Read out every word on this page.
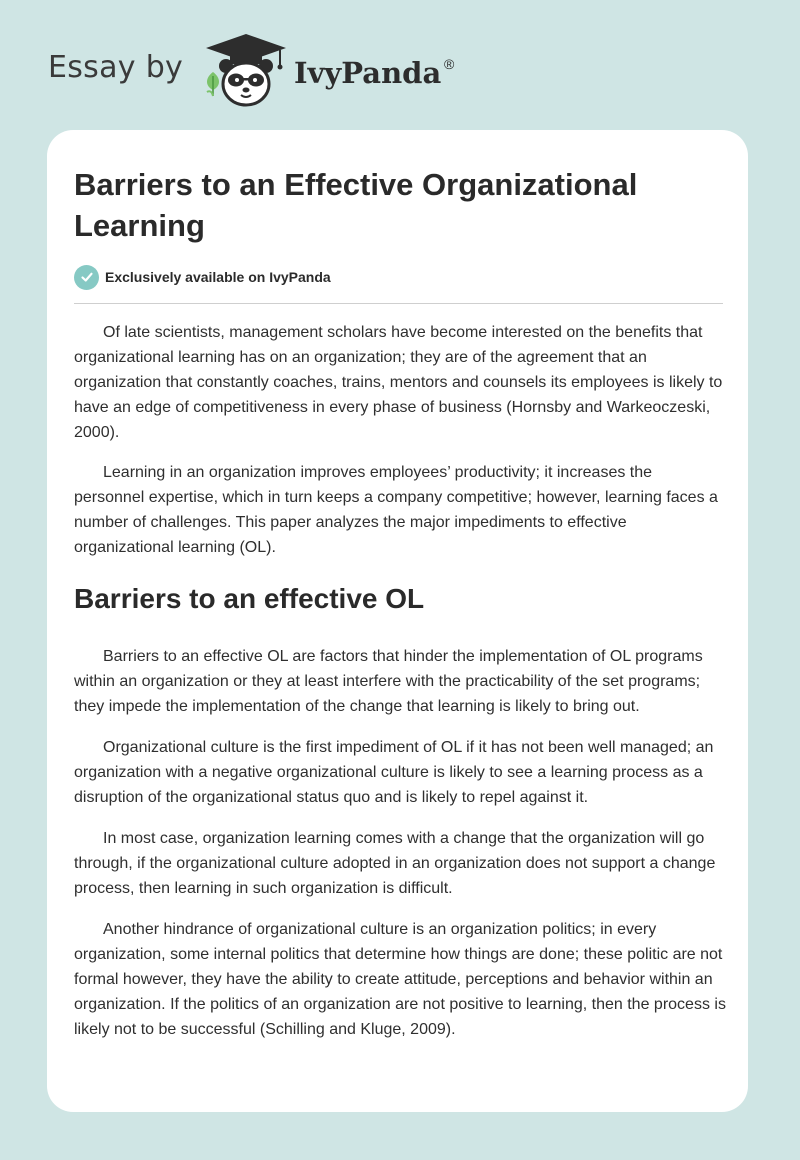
Essay by	IvyPanda ®
Barriers to an Effective Organizational Learning
Exclusively available on IvyPanda

Of late scientists, management scholars have become interested on the benefits that organizational learning has on an organization; they are of the agreement that an organization that constantly coaches, trains, mentors and counsels its employees is likely to have an edge of competitiveness in every phase of business (Hornsby and Warkeoczeski, 2000).

Learning in an organization improves employees’ productivity; it increases the personnel expertise, which in turn keeps a company competitive; however, learning faces a number of challenges. This paper analyzes the major impediments to effective organizational learning (OL).

Barriers to an effective OL

Barriers to an effective OL are factors that hinder the implementation of OL programs within an organization or they at least interfere with the practicability of the set programs; they impede the implementation of the change that learning is likely to bring out.

Organizational culture is the first impediment of OL if it has not been well managed; an organization with a negative organizational culture is likely to see a learning process as a disruption of the organizational status quo and is likely to repel against it.

In most case, organization learning comes with a change that the organization will go through, if the organizational culture adopted in an organization does not support a change process, then learning in such organization is difficult.

Another hindrance of organizational culture is an organization politics; in every organization, some internal politics that determine how things are done; these politic are not formal however, they have the ability to create attitude, perceptions and behavior within an organization. If the politics of an organization are not positive to learning, then the process is likely not to be successful (Schilling and Kluge, 2009).
